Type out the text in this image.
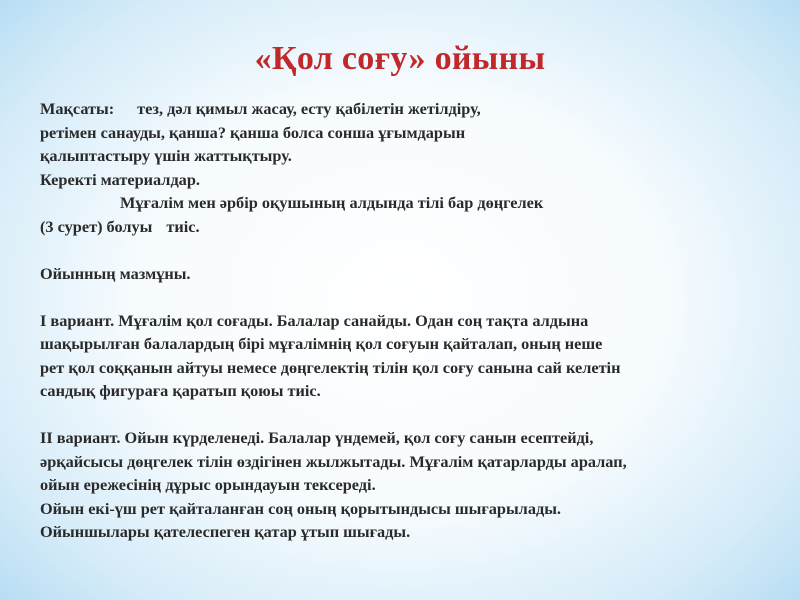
«Қол соғу» ойыны
Мақсаты: тез, дәл қимыл жасау, есту қабілетін жетілдіру,
ретімен санауды, қанша? қанша болса сонша ұғымдарын
қалыптастыру үшін жаттықтыру.
Керекті материалдар.
Мұғалім мен әрбір оқушының алдында тілі бар дөңгелек
(3 сурет) болуы тиіс.
Ойынның мазмұны.
І вариант. Мұғалім қол соғады. Балалар санайды. Одан соң тақта алдына
шақырылған балалардың бірі мұғалімнің қол соғуын қайталап, оның неше
рет қол соққанын айтуы немесе дөңгелектің тілін қол соғу санына сай келетін
сандық фигураға қаратып қоюы тиіс.
ІІ вариант. Ойын күрделенеді. Балалар үндемей, қол соғу санын есептейді,
әрқайсысы дөңгелек тілін өздігінен жылжытады. Мұғалім қатарларды аралап,
ойын ережесінің дұрыс орындауын тексереді.
Ойын екі-үш рет қайталанған соң оның қорытындысы шығарылады.
Ойыншылары қателеспеген қатар ұтып шығады.
